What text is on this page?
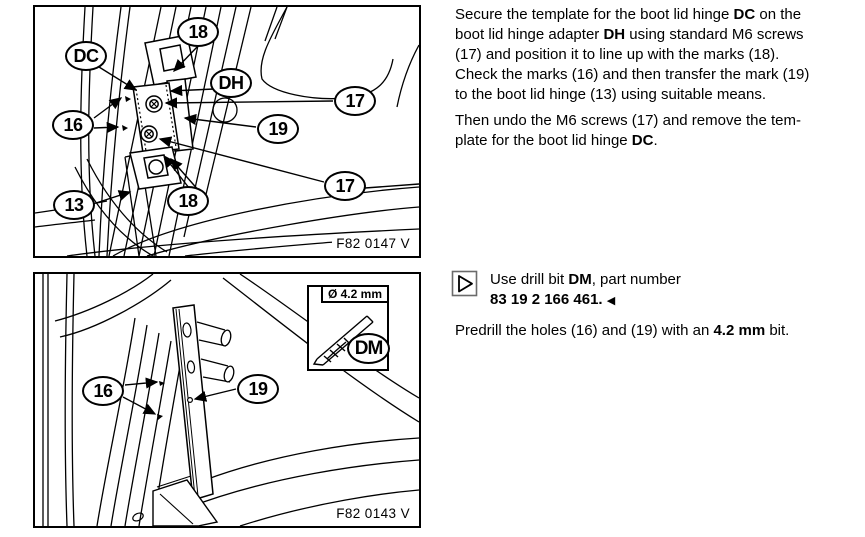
F82 0147 V
18
DC
DH
17
16	19
17
18
13
Ø 4.2 mm
DM
F82 0143 V
16	19
Secure the template for the boot lid hinge DC on the
boot lid hinge adapter DH using standard M6 screws
(17) and position it to line up with the marks (18).
Check the marks (16) and then transfer the mark (19)
to the boot lid hinge (13) using suitable means.
Then undo the M6 screws (17) and remove the tem-
plate for the boot lid hinge DC.
Use drill bit DM, part number
83 19 2 166 461. ◀
Predrill the holes (16) and (19) with an 4.2 mm bit.
